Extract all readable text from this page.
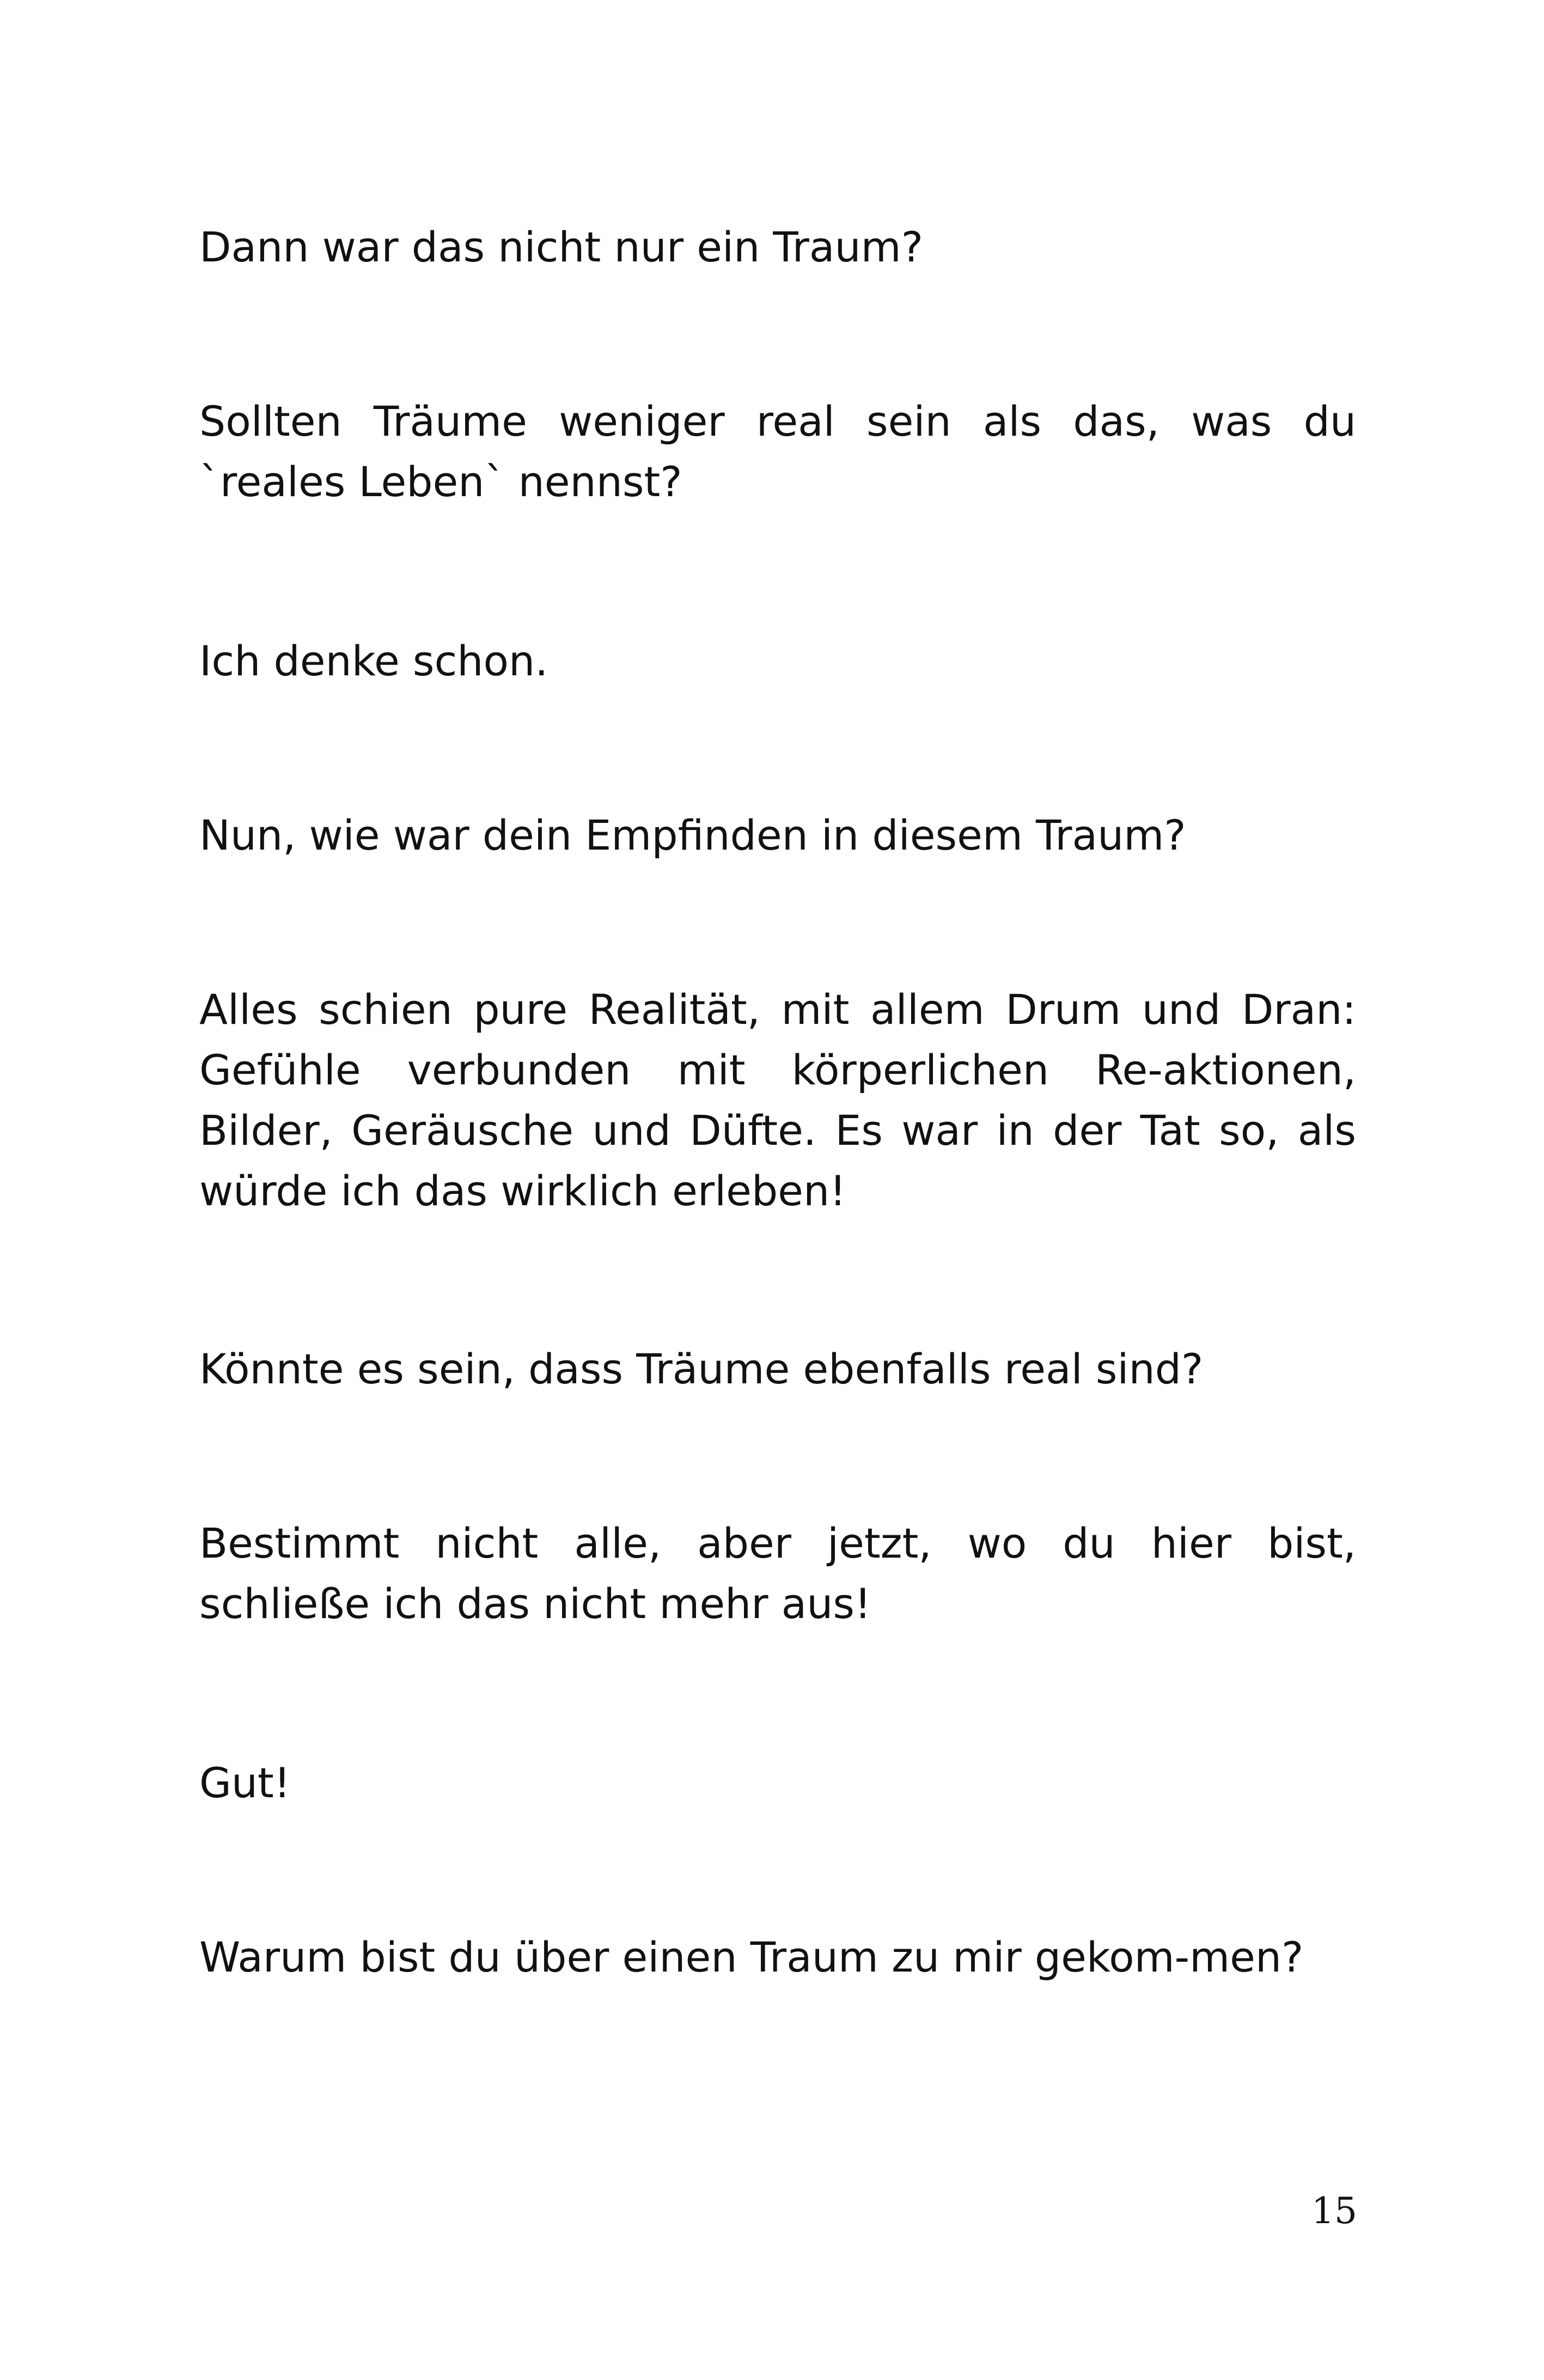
Dann war das nicht nur ein Traum?

Sollten Träume weniger real sein als das, was du `reales Leben` nennst?

Ich denke schon.

Nun, wie war dein Empfinden in diesem Traum?

Alles schien pure Realität, mit allem Drum und Dran: Gefühle verbunden mit körperlichen Re-aktionen, Bilder, Geräusche und Düfte. Es war in der Tat so, als würde ich das wirklich erleben!

Könnte es sein, dass Träume ebenfalls real sind?

Bestimmt nicht alle, aber jetzt, wo du hier bist, schließe ich das nicht mehr aus!

Gut!

Warum bist du über einen Traum zu mir gekom-men?

15
